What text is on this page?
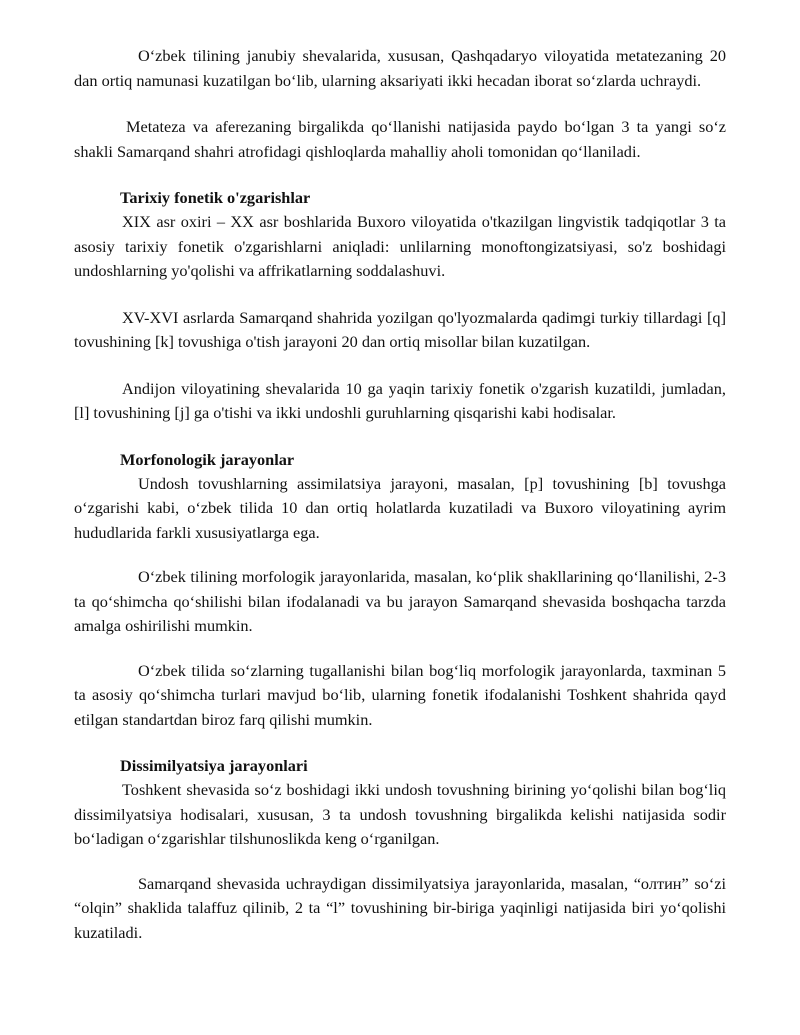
O‘zbek tilining janubiy shevalarida, xususan, Qashqadaryo viloyatida metatezaning 20 dan ortiq namunasi kuzatilgan bo‘lib, ularning aksariyati ikki hecadan iborat so‘zlarda uchraydi.

Metateza va aferezaning birgalikda qo‘llanishi natijasida paydo bo‘lgan 3 ta yangi so‘z shakli Samarqand shahri atrofidagi qishloqlarda mahalliy aholi tomonidan qo‘llaniladi.

Tarixiy fonetik o'zgarishlar

XIX asr oxiri – XX asr boshlarida Buxoro viloyatida o'tkazilgan lingvistik tadqiqotlar 3 ta asosiy tarixiy fonetik o'zgarishlarni aniqladi: unlilarning monoftongizatsiyasi, so'z boshidagi undoshlarning yo'qolishi va affrikatlarning soddalashuvi.

XV-XVI asrlarda Samarqand shahrida yozilgan qo'lyozmalarda qadimgi turkiy tillardagi [q] tovushining [k] tovushiga o'tish jarayoni 20 dan ortiq misollar bilan kuzatilgan.

Andijon viloyatining shevalarida 10 ga yaqin tarixiy fonetik o'zgarish kuzatildi, jumladan, [l] tovushining [j] ga o'tishi va ikki undoshli guruhlarning qisqarishi kabi hodisalar.

Morfonologik jarayonlar

Undosh tovushlarning assimilatsiya jarayoni, masalan, [p] tovushining [b] tovushga o‘zgarishi kabi, o‘zbek tilida 10 dan ortiq holatlarda kuzatiladi va Buxoro viloyatining ayrim hududlarida farkli xususiyatlarga ega.

O‘zbek tilining morfologik jarayonlarida, masalan, ko‘plik shakllarining qo‘llanilishi, 2-3 ta qo‘shimcha qo‘shilishi bilan ifodalanadi va bu jarayon Samarqand shevasida boshqacha tarzda amalga oshirilishi mumkin.

O‘zbek tilida so‘zlarning tugallanishi bilan bog‘liq morfologik jarayonlarda, taxminan 5 ta asosiy qo‘shimcha turlari mavjud bo‘lib, ularning fonetik ifodalanishi Toshkent shahrida qayd etilgan standartdan biroz farq qilishi mumkin.

Dissimilyatsiya jarayonlari

Toshkent shevasida so‘z boshidagi ikki undosh tovushning birining yo‘qolishi bilan bog‘liq dissimilyatsiya hodisalari, xususan, 3 ta undosh tovushning birgalikda kelishi natijasida sodir bo‘ladigan o‘zgarishlar tilshunoslikda keng o‘rganilgan.

Samarqand shevasida uchraydigan dissimilyatsiya jarayonlarida, masalan, “олтин” so‘zi “olqin” shaklida talaffuz qilinib, 2 ta “l” tovushining bir-biriga yaqinligi natijasida biri yo‘qolishi kuzatiladi.
